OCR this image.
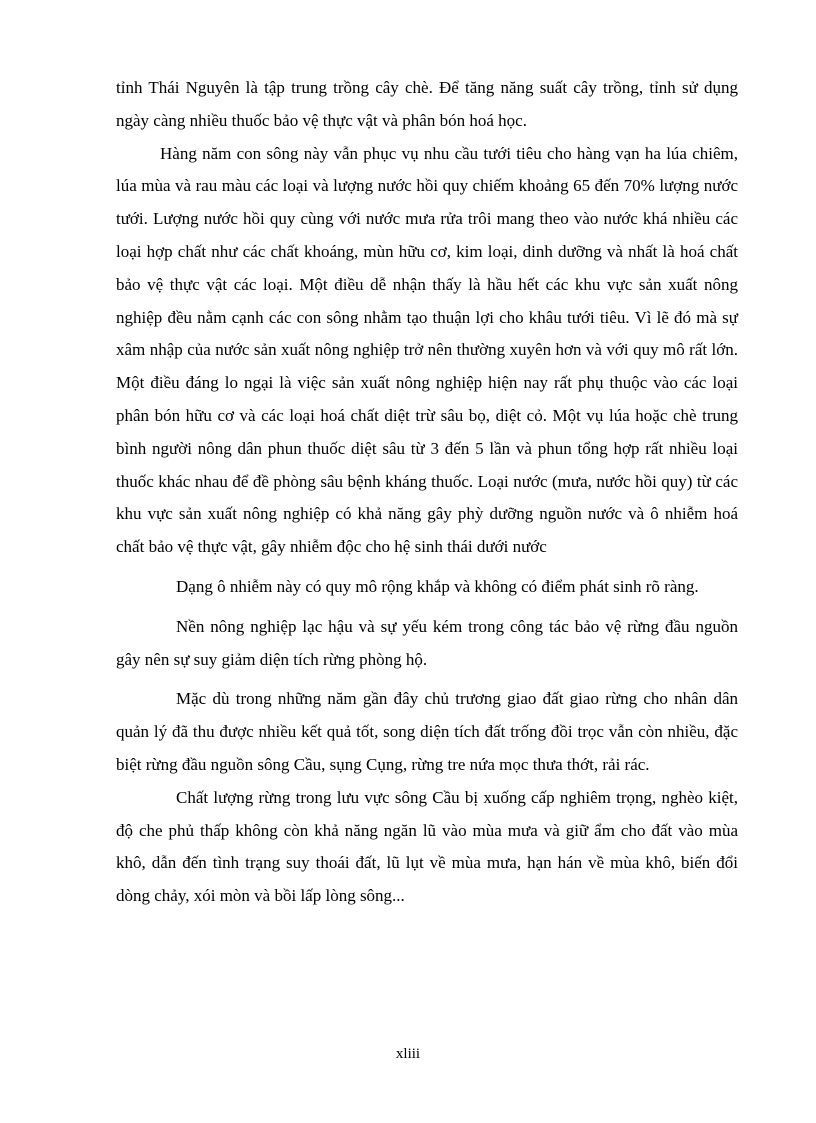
tỉnh Thái Nguyên là tập trung trồng cây chè. Để tăng năng suất cây trồng, tỉnh sử dụng ngày càng nhiều thuốc bảo vệ thực vật và phân bón hoá học.

Hàng năm con sông này vẫn phục vụ nhu cầu tưới tiêu cho hàng vạn ha lúa chiêm, lúa mùa và rau màu các loại và lượng nước hồi quy chiếm khoảng 65 đến 70% lượng nước tưới. Lượng nước hồi quy cùng với nước mưa rửa trôi mang theo vào nước khá nhiều các loại hợp chất như các chất khoáng, mùn hữu cơ, kim loại, dinh dưỡng và nhất là hoá chất bảo vệ thực vật các loại. Một điều dễ nhận thấy là hầu hết các khu vực sản xuất nông nghiệp đều nằm cạnh các con sông nhằm tạo thuận lợi cho khâu tưới tiêu. Vì lẽ đó mà sự xâm nhập của nước sản xuất nông nghiệp trở nên thường xuyên hơn và với quy mô rất lớn. Một điều đáng lo ngại là việc sản xuất nông nghiệp hiện nay rất phụ thuộc vào các loại phân bón hữu cơ và các loại hoá chất diệt trừ sâu bọ, diệt cỏ. Một vụ lúa hoặc chè trung bình người nông dân phun thuốc diệt sâu từ 3 đến 5 lần và phun tổng hợp rất nhiều loại thuốc khác nhau để đề phòng sâu bệnh kháng thuốc. Loại nước (mưa, nước hồi quy) từ các khu vực sản xuất nông nghiệp có khả năng gây phỳ dưỡng nguồn nước và ô nhiễm hoá chất bảo vệ thực vật, gây nhiễm độc cho hệ sinh thái dưới nước

Dạng ô nhiễm này có quy mô rộng khắp và không có điểm phát sinh rõ ràng.

Nền nông nghiệp lạc hậu và sự yếu kém trong công tác bảo vệ rừng đầu nguồn gây nên sự suy giảm diện tích rừng phòng hộ.

Mặc dù trong những năm gần đây chủ trương giao đất giao rừng cho nhân dân quản lý đã thu được nhiều kết quả tốt, song diện tích đất trống đồi trọc vẫn còn nhiều, đặc biệt rừng đầu nguồn sông Cầu, sụng Cụng, rừng tre nứa mọc thưa thớt, rải rác.

Chất lượng rừng trong lưu vực sông Cầu bị xuống cấp nghiêm trọng, nghèo kiệt, độ che phủ thấp không còn khả năng ngăn lũ vào mùa mưa và giữ ẩm cho đất vào mùa khô, dẫn đến tình trạng suy thoái đất, lũ lụt về mùa mưa, hạn hán về mùa khô, biến đổi dòng chảy, xói mòn và bồi lấp lòng sông...

xliii
